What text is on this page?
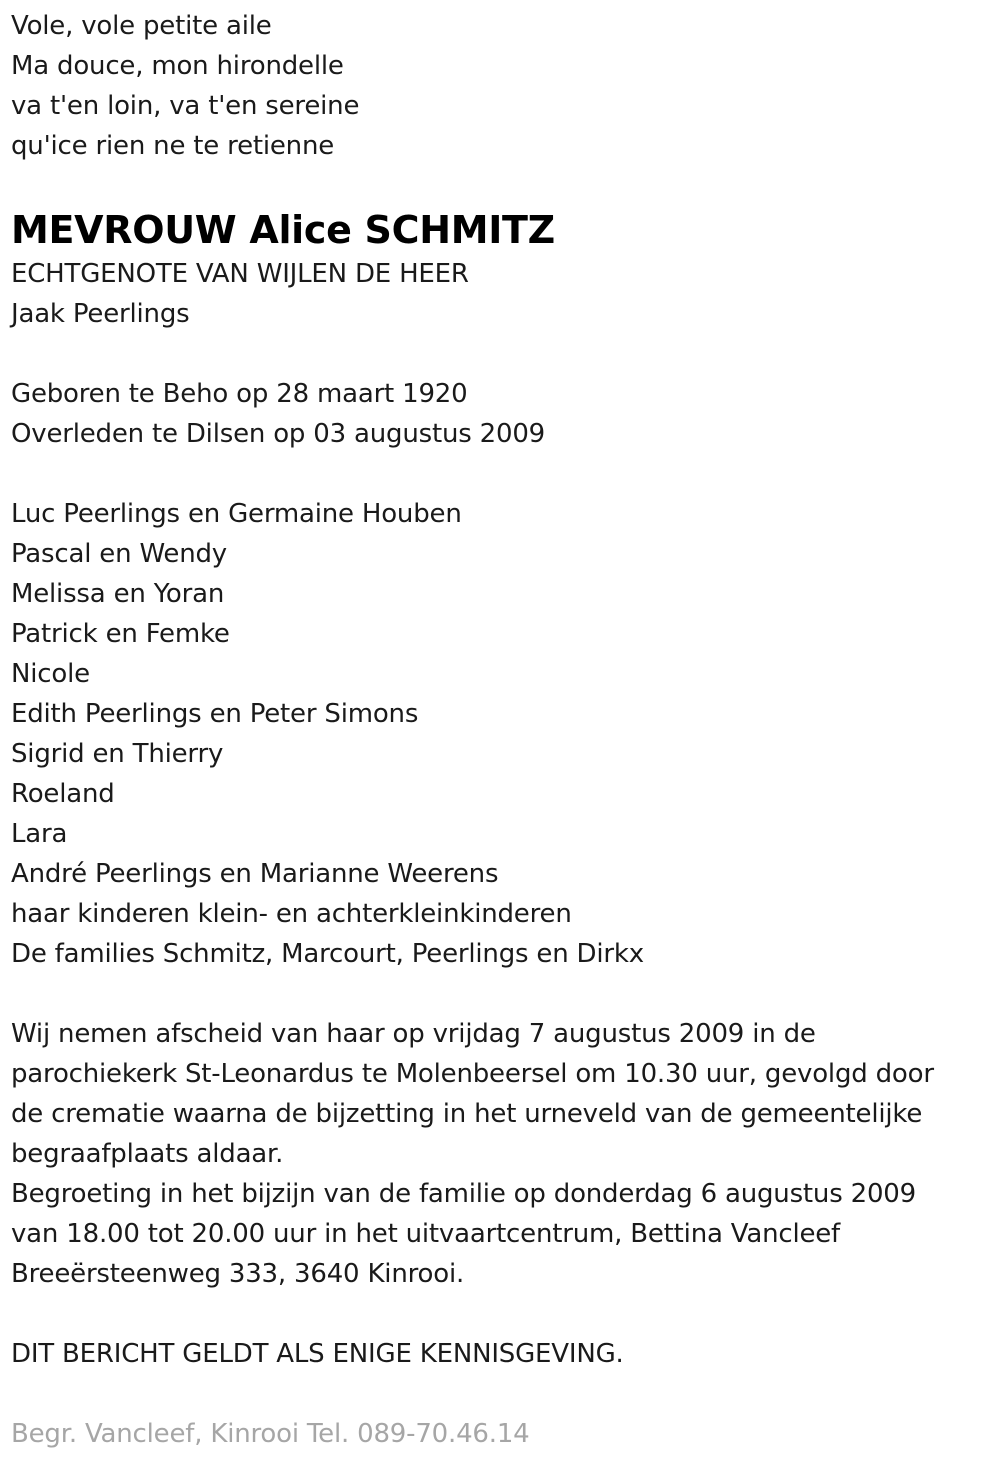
Vole, vole petite aile
Ma douce, mon hirondelle
va t'en loin, va t'en sereine
qu'ice rien ne te retienne
MEVROUW Alice SCHMITZ
ECHTGENOTE VAN WIJLEN DE HEER
Jaak Peerlings
Geboren te Beho op 28 maart 1920
Overleden te Dilsen op 03 augustus 2009
Luc Peerlings en Germaine Houben
Pascal en Wendy
Melissa en Yoran
Patrick en Femke
Nicole
Edith Peerlings en Peter Simons
Sigrid en Thierry
Roeland
Lara
André Peerlings en Marianne Weerens
haar kinderen klein- en achterkleinkinderen
De families Schmitz, Marcourt, Peerlings en Dirkx
Wij nemen afscheid van haar op vrijdag 7 augustus 2009 in de
parochiekerk St-Leonardus te Molenbeersel om 10.30 uur, gevolgd door
de crematie waarna de bijzetting in het urneveld van de gemeentelijke
begraafplaats aldaar.
Begroeting in het bijzijn van de familie op donderdag 6 augustus 2009
van 18.00 tot 20.00 uur in het uitvaartcentrum, Bettina Vancleef
Breeërsteenweg 333, 3640 Kinrooi.
DIT BERICHT GELDT ALS ENIGE KENNISGEVING.
Begr. Vancleef, Kinrooi Tel. 089-70.46.14
